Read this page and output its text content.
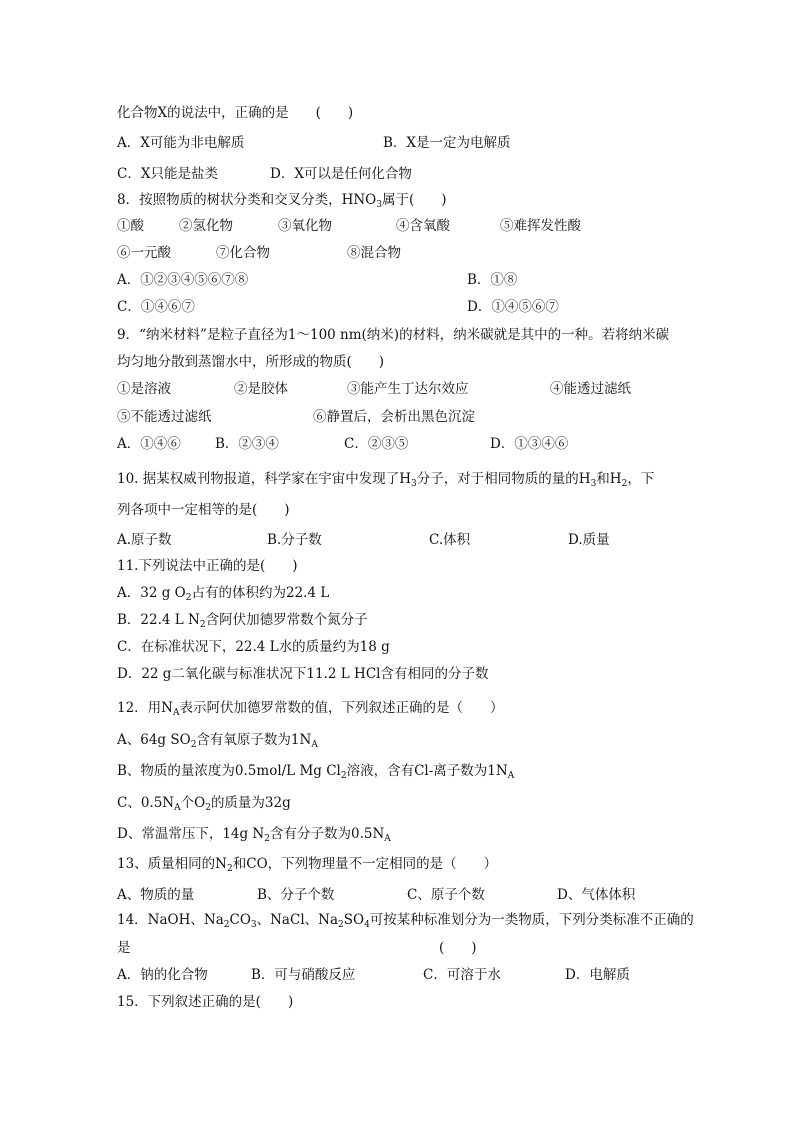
化合物X的说法中，正确的是　　(　　)

A．X可能为非电解质

	B．X是一定为电解质

C．X只能是盐类

	D．X可以是任何化合物

8．按照物质的树状分类和交叉分类，$HNO_3$属于(　　)

①酸

	②氢化物

	③氧化物

	④含氧酸

	⑤难挥发性酸

⑥一元酸

	⑦化合物

	⑧混合物

A．①②③④⑤⑥⑦⑧

	B．①⑧

C．①④⑥⑦

	D．①④⑤⑥⑦

9．“纳米材料”是粒子直径为1～100 nm(纳米)的材料，纳米碳就是其中的一种。若将纳米碳
均匀地分散到蒸馏水中，所形成的物质(　　)

①是溶液

	②是胶体

	③能产生丁达尔效应

	④能透过滤纸

⑤不能透过滤纸

	⑥静置后，会析出黑色沉淀

A．①④⑥

	B．②③④

	C．②③⑤

	D．①③④⑥

10. 据某权威刊物报道，科学家在宇宙中发现了$H_3$分子，对于相同物质的量的$H_3$和$H_2$，下
列各项中一定相等的是(　　)

A.原子数

	B.分子数

	C.体积

	D.质量

11.下列说法中正确的是(　　)
A．32 g $O_2$占有的体积约为22.4 L
B．22.4 L $N_2$含阿伏加德罗常数个氮分子
C．在标准状况下，22.4 L水的质量约为18 g
D．22 g二氧化碳与标准状况下11.2 L HCl含有相同的分子数
12．用$N_A$表示阿伏加德罗常数的值，下列叙述正确的是（　　）
A、64g $SO_2$含有氧原子数为$1N_A$
B、物质的量浓度为0.5mol/L Mg $Cl_2$溶液，含有Cl-离子数为$1N_A$
C、$0.5N_A$个$O_2$的质量为32g
D、常温常压下，14g $N_2$含有分子数为$0.5N_A$
13、质量相同的$N_2$和CO，下列物理量不一定相同的是（　　）

A、物质的量

	B、分子个数

	C、原子个数

	D、气体体积

14．NaOH、$Na_2CO_3$、NaCl、$Na_2SO_4$可按某种标准划分为一类物质，下列分类标准不正确的

是

	(　　)

A．钠的化合物

	B．可与硝酸反应

	C．可溶于水

	D．电解质

15．下列叙述正确的是(　　)
